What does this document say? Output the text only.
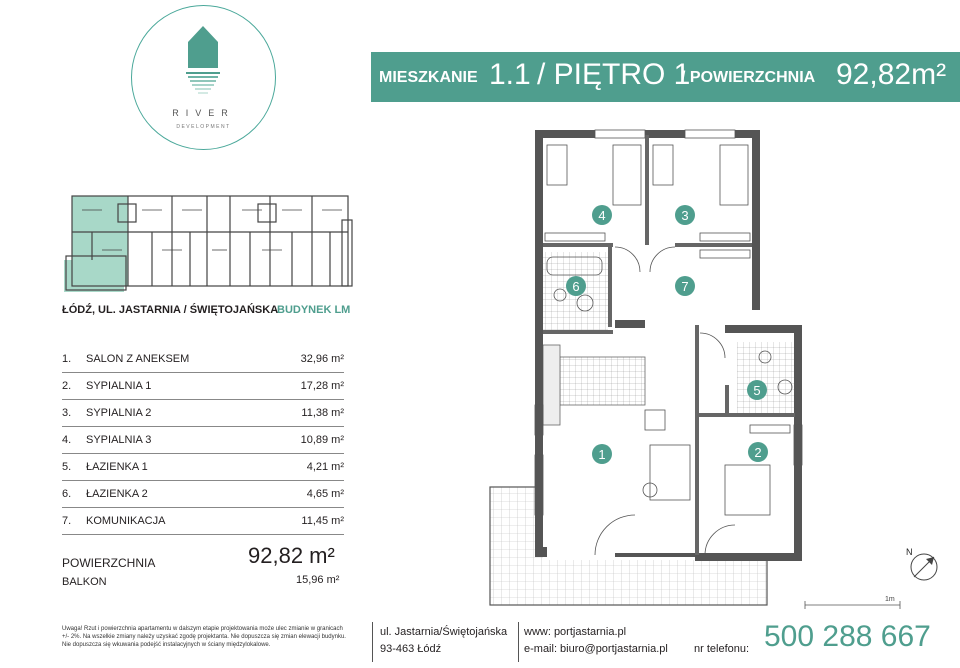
RIVER
DEVELOPMENT
MIESZKANIE 1.1 / PIĘTRO 1
/ POWIERZCHNIA 92,82m²
ŁÓDŹ, UL. JASTARNIA / ŚWIĘTOJAŃSKA
BUDYNEK LM
1.	SALON Z ANEKSEM	32,96 m²
2.	SYPIALNIA 1	17,28 m²
3.	SYPIALNIA 2	11,38 m²
4.	SYPIALNIA 3	10,89 m²
5.	ŁAZIENKA 1	4,21 m²
6.	ŁAZIENKA 2	4,65 m²
7.	KOMUNIKACJA	11,45 m²
POWIERZCHNIA	92,82 m²
BALKON	15,96 m²
Uwaga! Rzut i powierzchnia apartamentu w dalszym etapie projektowania może ulec zmianie w granicach +/- 2%. Na wszelkie zmiany należy uzyskać zgodę projektanta. Nie dopuszcza się zmian elewacji budynku. Nie dopuszcza się wkuwania podejść instalacyjnych w ściany międzylokalowe.
ul. Jastarnia/Świętojańska
93-463 Łódź
www: portjastarnia.pl
e-mail: biuro@portjastarnia.pl nr telefonu: 500 288 667
1	2
3
4
5
6	7
1m
N
